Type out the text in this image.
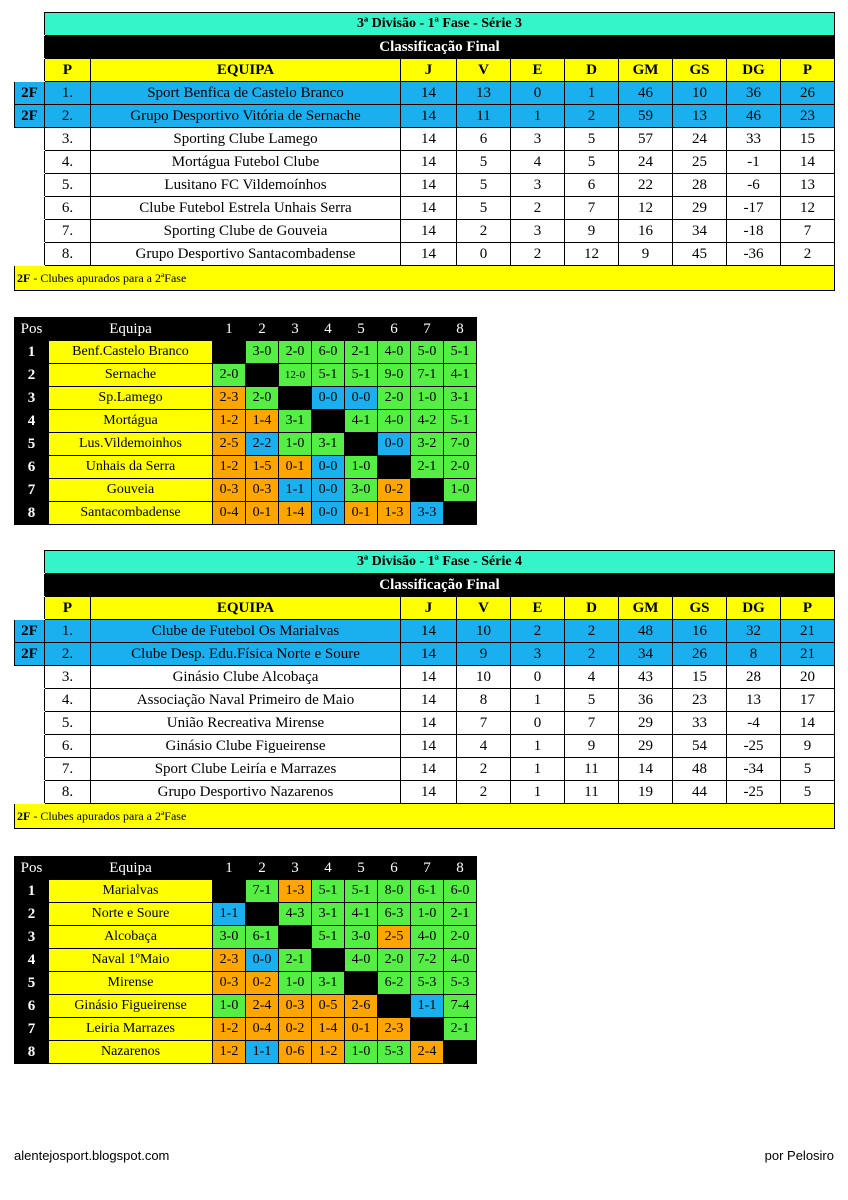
	3ª Divisão - 1ª Fase - Série 3									
	Classificação Final									
	P	EQUIPA	J	V	E	D	GM	GS	DG	P
2F	1.	Sport Benfica de Castelo Branco	14	13	0	1	46	10	36	26
2F	2.	Grupo Desportivo Vitória de Sernache	14	11	1	2	59	13	46	23
	3.	Sporting Clube Lamego	14	6	3	5	57	24	33	15
	4.	Mortágua Futebol Clube	14	5	4	5	24	25	-1	14
	5.	Lusitano FC Vildemoínhos	14	5	3	6	22	28	-6	13
	6.	Clube Futebol Estrela Unhais Serra	14	5	2	7	12	29	-17	12
	7.	Sporting Clube de Gouveia	14	2	3	9	16	34	-18	7
	8.	Grupo Desportivo Santacombadense	14	0	2	12	9	45	-36	2
2F - Clubes apurados para a 2ªFase										
Pos	Equipa	1	2	3	4	5	6	7	8
1	Benf.Castelo Branco		3-0	2-0	6-0	2-1	4-0	5-0	5-1
2	Sernache	2-0		12-0	5-1	5-1	9-0	7-1	4-1
3	Sp.Lamego	2-3	2-0		0-0	0-0	2-0	1-0	3-1
4	Mortágua	1-2	1-4	3-1		4-1	4-0	4-2	5-1
5	Lus.Vildemoinhos	2-5	2-2	1-0	3-1		0-0	3-2	7-0
6	Unhais da Serra	1-2	1-5	0-1	0-0	1-0		2-1	2-0
7	Gouveia	0-3	0-3	1-1	0-0	3-0	0-2		1-0
8	Santacombadense	0-4	0-1	1-4	0-0	0-1	1-3	3-3	
	3ª Divisão - 1ª Fase - Série 4									
	Classificação Final									
	P	EQUIPA	J	V	E	D	GM	GS	DG	P
2F	1.	Clube de Futebol Os Marialvas	14	10	2	2	48	16	32	21
2F	2.	Clube Desp. Edu.Física Norte e Soure	14	9	3	2	34	26	8	21
	3.	Ginásio Clube Alcobaça	14	10	0	4	43	15	28	20
	4.	Associação Naval Primeiro de Maio	14	8	1	5	36	23	13	17
	5.	União Recreativa Mirense	14	7	0	7	29	33	-4	14
	6.	Ginásio Clube Figueirense	14	4	1	9	29	54	-25	9
	7.	Sport Clube Leiría e Marrazes	14	2	1	11	14	48	-34	5
	8.	Grupo Desportivo Nazarenos	14	2	1	11	19	44	-25	5
2F - Clubes apurados para a 2ªFase										
Pos	Equipa	1	2	3	4	5	6	7	8
1	Marialvas		7-1	1-3	5-1	5-1	8-0	6-1	6-0
2	Norte e Soure	1-1		4-3	3-1	4-1	6-3	1-0	2-1
3	Alcobaça	3-0	6-1		5-1	3-0	2-5	4-0	2-0
4	Naval 1ºMaio	2-3	0-0	2-1		4-0	2-0	7-2	4-0
5	Mirense	0-3	0-2	1-0	3-1		6-2	5-3	5-3
6	Ginásio Figueirense	1-0	2-4	0-3	0-5	2-6		1-1	7-4
7	Leiria Marrazes	1-2	0-4	0-2	1-4	0-1	2-3		2-1
8	Nazarenos	1-2	1-1	0-6	1-2	1-0	5-3	2-4	
alentejosport.blogspot.com	por Pelosiro
